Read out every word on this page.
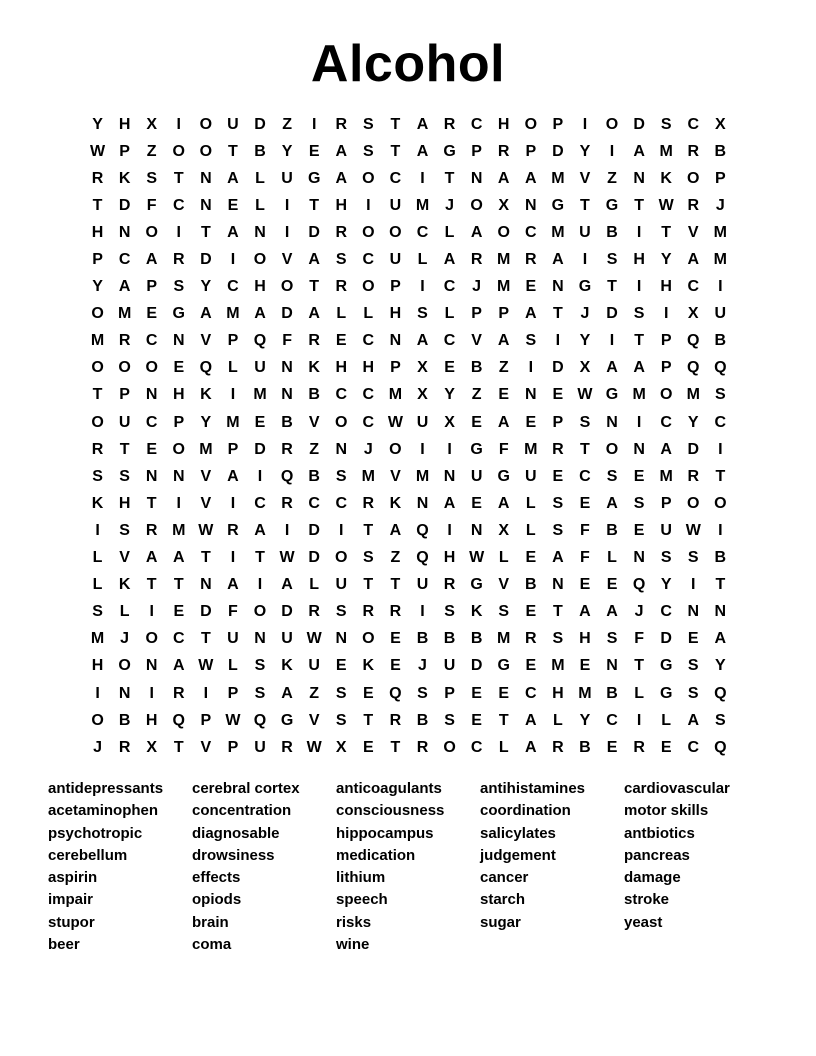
Alcohol
Y H X	I	O U D	Z	I	R S	T	A R C H O P	I	O D S C X
W P	Z O O T	B Y	E A S	T	A G P R P D Y	I	A M R B
R K S	T	N A	L	U G A O C	I	T	N A A M V	Z	N K O P
T	D	F	C N E	L	I	T	H	I	U M J	O X N G T G T W R	J
H N O	I	T	A N	I	D R O O C	L	A O C M U B	I	T	V M
P C A R D	I	O V A S C U	L	A R M R A	I	S H Y A M
Y A P	S	Y C H O T	R O P	I	C	J M E N G T	I	H C	I
O M E G A M A D A	L	L	H S	L	P	P A	T	J	D S	I	X U
M R C N V	P Q F	R E C N A C V A S	I	Y	I	T	P Q B
O O O E Q L	U N K H H P	X	E B	Z	I	D X A A P Q Q
T	P N H K	I	M N B C C M X	Y	Z	E N E W G M O M S
O U C P	Y M E B V O C W U X	E A E	P	S N	I	C Y C
R	T	E O M P D R	Z	N	J	O	I	I	G F M R	T O N A D	I
S	S N N V A	I	Q B S M V M N U G U E C S	E M R	T
K H	T	I	V	I	C R C C R K N A E A	L	S	E A S	P O O
I	S R M W R A	I	D	I	T	A Q	I	N X	L	S	F	B E U W	I
L	V A A	T	I	T W D O S	Z Q H W L	E A	F	L	N S	S B
L	K	T	T	N A	I	A	L	U	T	T	U R G V B N E	E Q Y	I	T
S	L	I	E D	F O D R S R R	I	S K S	E	T	A A	J	C N N
M J	O C	T	U N U W N O E B B B M R S H S	F	D E A
H O N A W L	S K U E K E	J	U D G E M E N	T G S	Y
I	N	I	R	I	P	S A	Z	S	E Q S	P	E	E C H M B	L G S Q
O B H Q P W Q G V	S	T	R B S	E	T	A	L	Y C	I	L	A S
J	R X	T	V	P U R W X	E	T	R O C	L	A R B E R E C Q
antidepressants
acetaminophen
psychotropic
cerebellum
aspirin
impair
stupor
beer
cerebral cortex
concentration
diagnosable
drowsiness
effects
opiods
brain
coma
anticoagulants
consciousness
hippocampus
medication
lithium
speech
risks
wine
antihistamines
coordination
salicylates
judgement
cancer
starch
sugar
cardiovascular
motor skills
antbiotics
pancreas
damage
stroke
yeast
